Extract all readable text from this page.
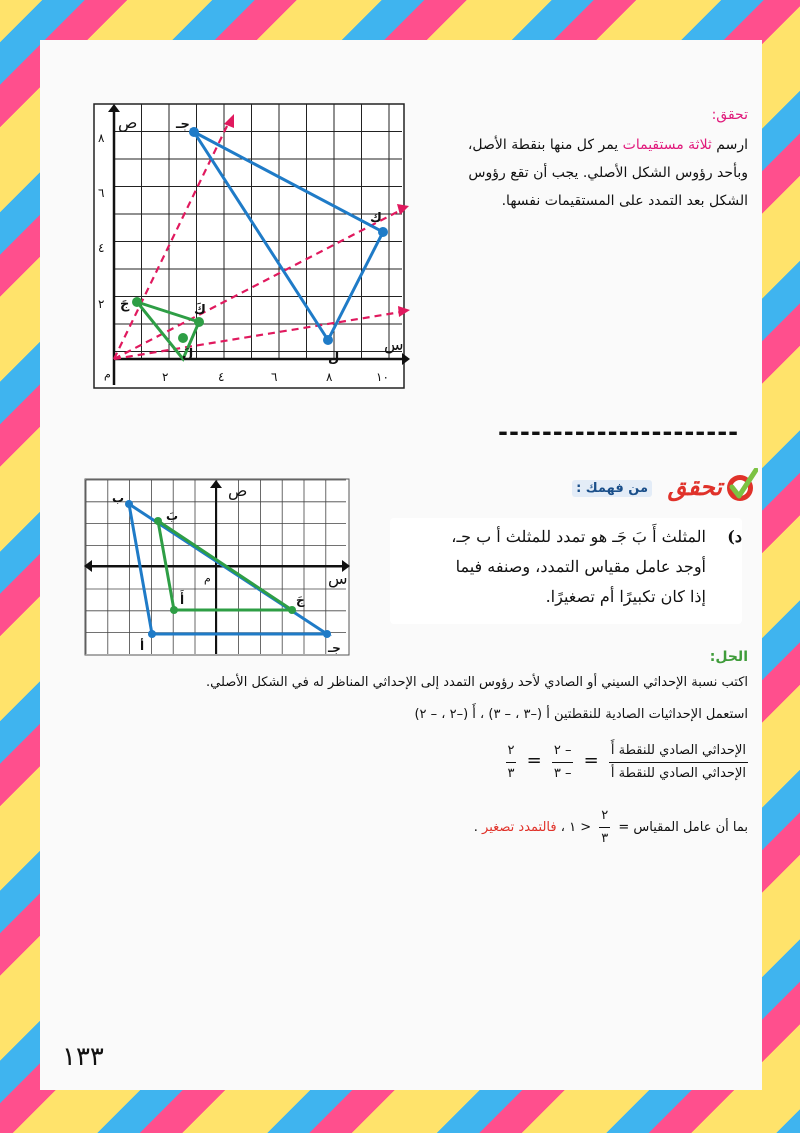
س
ص
م	٢	٤	٦	٨	١٠
٢
٤
٦
٨
جـ
ك
ل
جَ	كَ
لَ
تحقق:
ارسم ثلاثة مستقيمات يمر كل منها بنقطة الأصل،
وبأحد رؤوس الشكل الأصلي. يجب أن تقع رؤوس
الشكل بعد التمدد على المستقيمات نفسها.
----------------------
ص
س
م
ب
أ	جـ
بَ
أَ	جَ
تحقق
من فهمك :
د)
المثلث أَ بَ جَـ هو تمدد للمثلث أ ب جـ،
أوجد عامل مقياس التمدد، وصنفه فيما
إذا كان تكبيرًا أم تصغيرًا.
الحل:
اكتب نسبة الإحداثي السيني أو الصادي لأحد رؤوس التمدد إلى الإحداثي المناظر له في الشكل الأصلي.
استعمل الإحداثيات الصادية للنقطتين أ (–٣ ، – ٣) ، أَ (–٢ ، – ٢)
$\frac{\text{الإحداثي الصادي للنقطة أَ}}{\text{الإحداثي الصادي للنقطة أ}}$
=
$\frac{- ٢}{- ٣}$
=
$\frac{٢}{٣}$
بما أن عامل المقياس =
$\frac{٢}{٣}$
< ١ ، فالتمدد تصغير .
١٣٣
